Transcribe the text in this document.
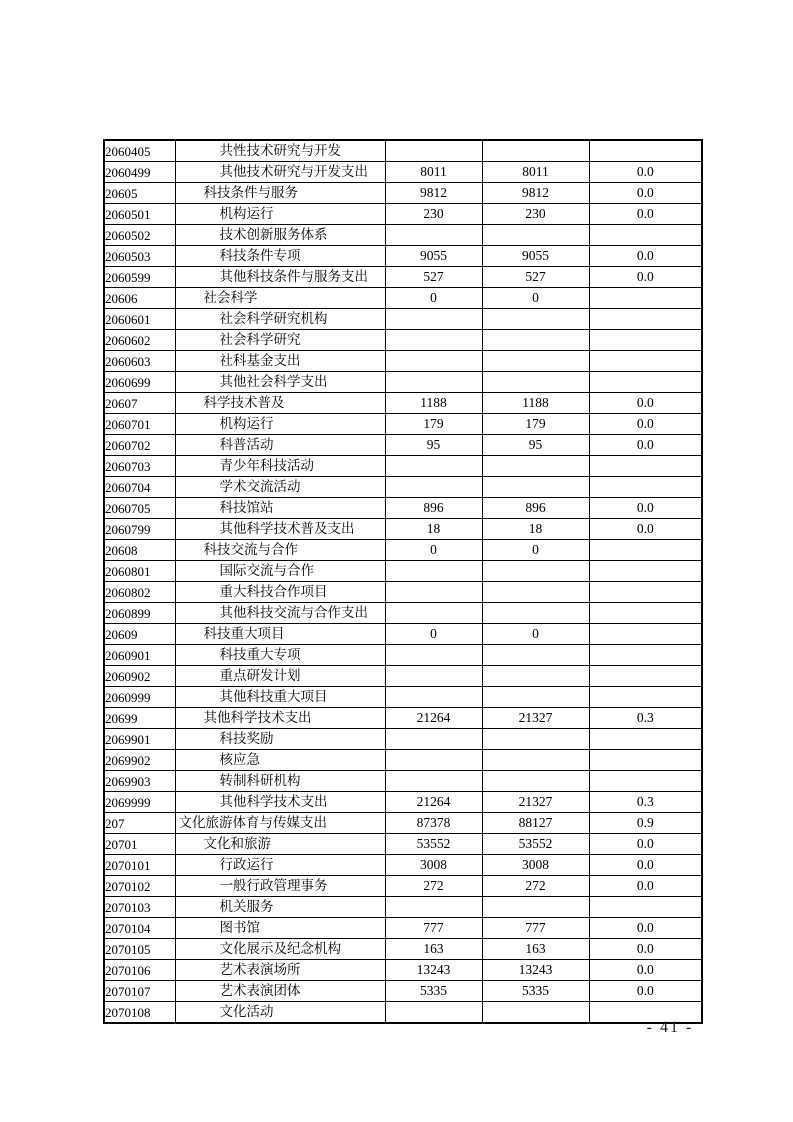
2060405	共性技术研究与开发			
2060499	其他技术研究与开发支出	8011	8011	0.0
20605	科技条件与服务	9812	9812	0.0
2060501	机构运行	230	230	0.0
2060502	技术创新服务体系			
2060503	科技条件专项	9055	9055	0.0
2060599	其他科技条件与服务支出	527	527	0.0
20606	社会科学	0	0	
2060601	社会科学研究机构			
2060602	社会科学研究			
2060603	社科基金支出			
2060699	其他社会科学支出			
20607	科学技术普及	1188	1188	0.0
2060701	机构运行	179	179	0.0
2060702	科普活动	95	95	0.0
2060703	青少年科技活动			
2060704	学术交流活动			
2060705	科技馆站	896	896	0.0
2060799	其他科学技术普及支出	18	18	0.0
20608	科技交流与合作	0	0	
2060801	国际交流与合作			
2060802	重大科技合作项目			
2060899	其他科技交流与合作支出			
20609	科技重大项目	0	0	
2060901	科技重大专项			
2060902	重点研发计划			
2060999	其他科技重大项目			
20699	其他科学技术支出	21264	21327	0.3
2069901	科技奖励			
2069902	核应急			
2069903	转制科研机构			
2069999	其他科学技术支出	21264	21327	0.3
207	文化旅游体育与传媒支出	87378	88127	0.9
20701	文化和旅游	53552	53552	0.0
2070101	行政运行	3008	3008	0.0
2070102	一般行政管理事务	272	272	0.0
2070103	机关服务			
2070104	图书馆	777	777	0.0
2070105	文化展示及纪念机构	163	163	0.0
2070106	艺术表演场所	13243	13243	0.0
2070107	艺术表演团体	5335	5335	0.0
2070108	文化活动			
- 41 -
